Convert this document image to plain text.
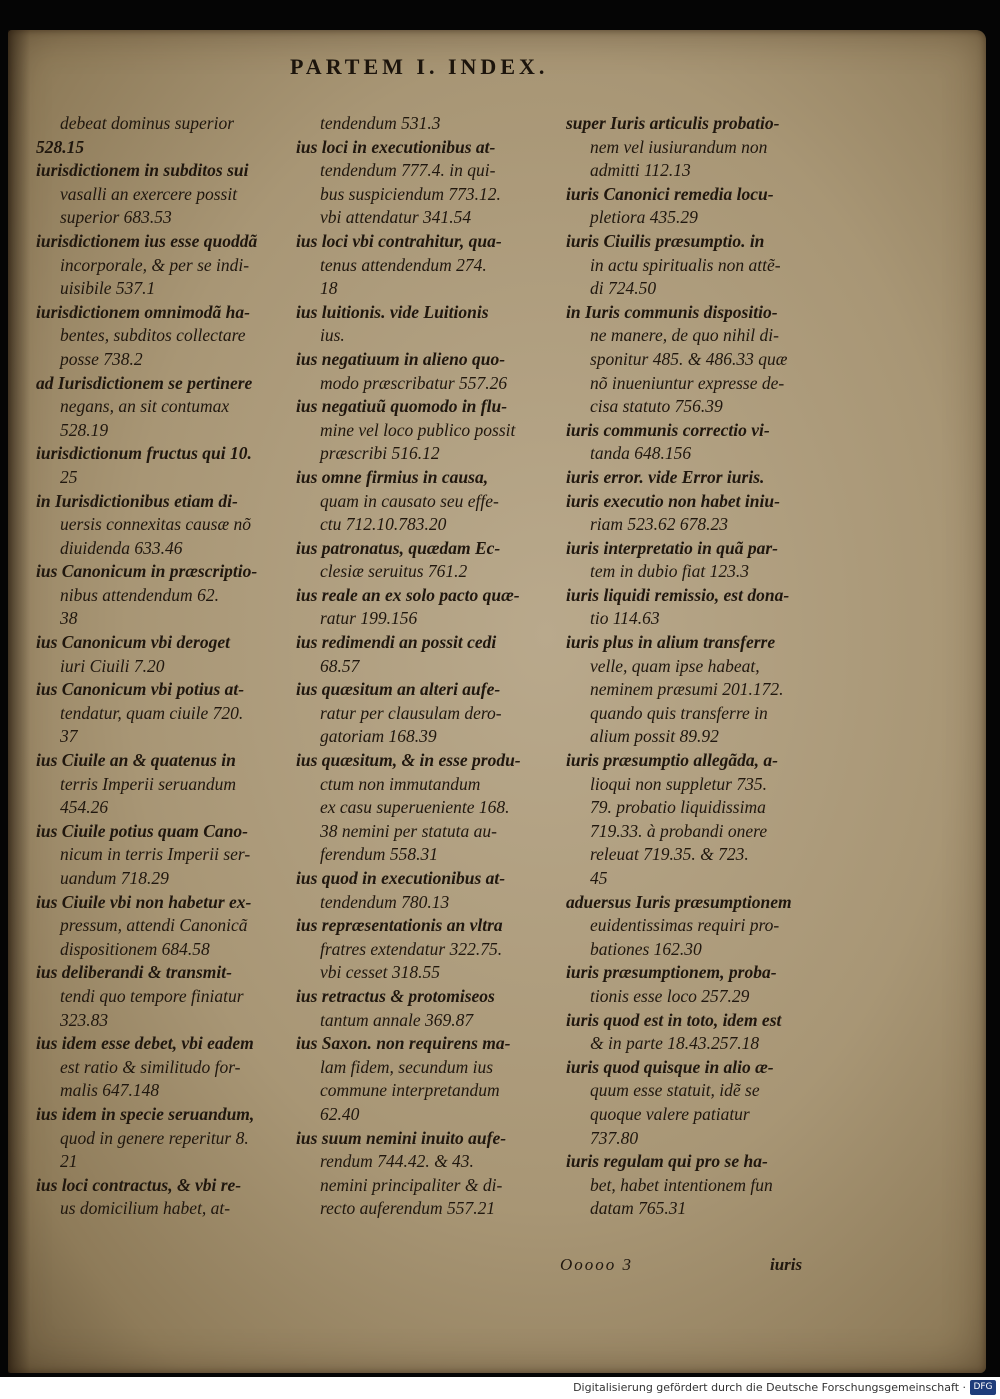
PARTEM I. INDEX.
debeat dominus superior
528.15
iurisdictionem in subditos sui
vasalli an exercere possit
superior 683.53
iurisdictionem ius esse quoddã
incorporale, & per se indi-
uisibile 537.1
iurisdictionem omnimodã ha-
bentes, subditos collectare
posse 738.2
ad Iurisdictionem se pertinere
negans, an sit contumax
528.19
iurisdictionum fructus qui 10.
25
in Iurisdictionibus etiam di-
uersis connexitas causæ nõ
diuidenda 633.46
ius Canonicum in præscriptio-
nibus attendendum 62.
38
ius Canonicum vbi deroget
iuri Ciuili 7.20
ius Canonicum vbi potius at-
tendatur, quam ciuile 720.
37
ius Ciuile an & quatenus in
terris Imperii seruandum
454.26
ius Ciuile potius quam Cano-
nicum in terris Imperii ser-
uandum 718.29
ius Ciuile vbi non habetur ex-
pressum, attendi Canonicã
dispositionem 684.58
ius deliberandi & transmit-
tendi quo tempore finiatur
323.83
ius idem esse debet, vbi eadem
est ratio & similitudo for-
malis 647.148
ius idem in specie seruandum,
quod in genere reperitur 8.
21
ius loci contractus, & vbi re-
us domicilium habet, at-
tendendum 531.3
ius loci in executionibus at-
tendendum 777.4. in qui-
bus suspiciendum 773.12.
vbi attendatur 341.54
ius loci vbi contrahitur, qua-
tenus attendendum 274.
18
ius luitionis. vide Luitionis
ius.
ius negatiuum in alieno quo-
modo præscribatur 557.26
ius negatiuũ quomodo in flu-
mine vel loco publico possit
præscribi 516.12
ius omne firmius in causa,
quam in causato seu effe-
ctu 712.10.783.20
ius patronatus, quædam Ec-
clesiæ seruitus 761.2
ius reale an ex solo pacto quæ-
ratur 199.156
ius redimendi an possit cedi
68.57
ius quæsitum an alteri aufe-
ratur per clausulam dero-
gatoriam 168.39
ius quæsitum, & in esse produ-
ctum non immutandum
ex casu superueniente 168.
38 nemini per statuta au-
ferendum 558.31
ius quod in executionibus at-
tendendum 780.13
ius repræsentationis an vltra
fratres extendatur 322.75.
vbi cesset 318.55
ius retractus & protomiseos
tantum annale 369.87
ius Saxon. non requirens ma-
lam fidem, secundum ius
commune interpretandum
62.40
ius suum nemini inuito aufe-
rendum 744.42. & 43.
nemini principaliter & di-
recto auferendum 557.21
super Iuris articulis probatio-
nem vel iusiurandum non
admitti 112.13
iuris Canonici remedia locu-
pletiora 435.29
iuris Ciuilis præsumptio. in
in actu spiritualis non attẽ-
di 724.50
in Iuris communis dispositio-
ne manere, de quo nihil di-
sponitur 485. & 486.33 quæ
nõ inueniuntur expresse de-
cisa statuto 756.39
iuris communis correctio vi-
tanda 648.156
iuris error. vide Error iuris.
iuris executio non habet iniu-
riam 523.62 678.23
iuris interpretatio in quã par-
tem in dubio fiat 123.3
iuris liquidi remissio, est dona-
tio 114.63
iuris plus in alium transferre
velle, quam ipse habeat,
neminem præsumi 201.172.
quando quis transferre in
alium possit 89.92
iuris præsumptio allegãda, a-
lioqui non suppletur 735.
79. probatio liquidissima
719.33. à probandi onere
releuat 719.35. & 723.
45
aduersus Iuris præsumptionem
euidentissimas requiri pro-
bationes 162.30
iuris præsumptionem, proba-
tionis esse loco 257.29
iuris quod est in toto, idem est
& in parte 18.43.257.18
iuris quod quisque in alio æ-
quum esse statuit, idẽ se
quoque valere patiatur
737.80
iuris regulam qui pro se ha-
bet, habet intentionem fun
datam 765.31
Ooooo 3	iuris
Digitalisierung gefördert durch die Deutsche Forschungsgemeinschaft · DFG
